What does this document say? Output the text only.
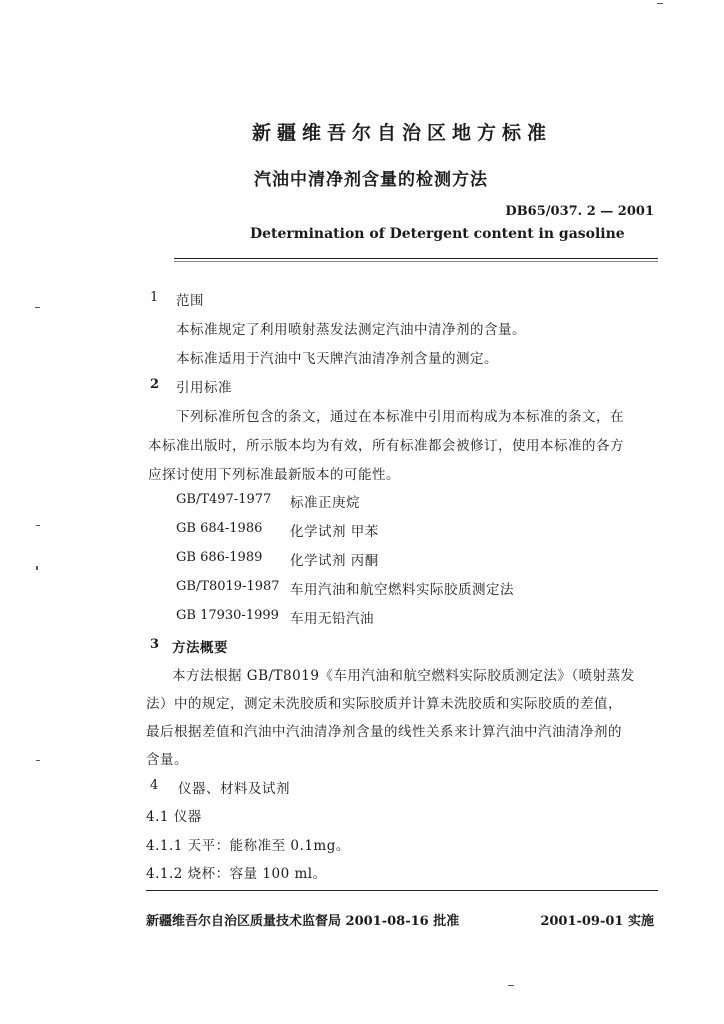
新疆维吾尔自治区地方标准
汽油中清净剂含量的检测方法
DB65/037. 2 — 2001
Determination of Detergent content in gasoline
1 范围
本标准规定了利用喷射蒸发法测定汽油中清净剂的含量。
本标准适用于汽油中飞天牌汽油清净剂含量的测定。
2 引用标准
下列标准所包含的条文，通过在本标准中引用而构成为本标准的条文，在
本标准出版时，所示版本均为有效，所有标准都会被修订，使用本标准的各方
应探讨使用下列标准最新版本的可能性。
GB/T497-1977 标准正庚烷
GB 684-1986 化学试剂 甲苯
GB 686-1989 化学试剂 丙酮
GB/T8019-1987 车用汽油和航空燃料实际胶质测定法
GB 17930-1999 车用无铅汽油
3 方法概要
本方法根据 GB/T8019《车用汽油和航空燃料实际胶质测定法》（喷射蒸发
法）中的规定，测定未洗胶质和实际胶质并计算未洗胶质和实际胶质的差值，
最后根据差值和汽油中汽油清净剂含量的线性关系来计算汽油中汽油清净剂的
含量。
4 仪器、材料及试剂
4.1 仪器
4.1.1 天平：能称准至 0.1mg。
4.1.2 烧杯：容量 100 ml。
新疆维吾尔自治区质量技术监督局 2001-08-16 批准	2001-09-01 实施
